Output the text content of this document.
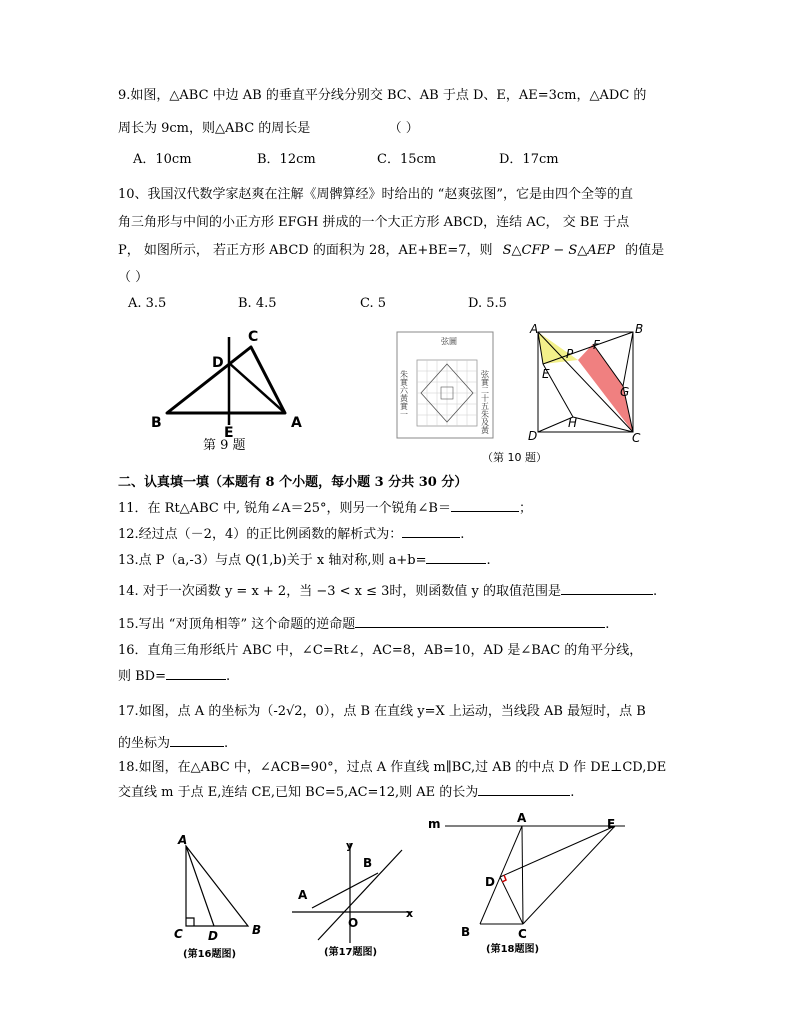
9.如图，△ABC 中边 AB 的垂直平分线分别交 BC、AB 于点 D、E，AE=3cm，△ADC 的
周长为 9cm，则△ABC 的周长是	（ ）
A．10cm	B．12cm	C．15cm	D．17cm
10、我国汉代数学家赵爽在注解《周髀算经》时给出的 “赵爽弦图”，它是由四个全等的直
角三角形与中间的小正方形 EFGH 拼成的一个大正方形 ABCD，连结 AC， 交 BE 于点
P， 如图所示， 若正方形 ABCD 的面积为 28，AE+BE=7，则 S△CFP − S△AEP 的值是
（ ）
A. 3.5	B. 4.5	C. 5	D. 5.5
C
D
B
E
A
第 9 题
弦圖
朱實六黃實一	弦實二十五朱及黃
A	B
P
F
E
G
D
H
C
（第 10 题）
二、认真填一填（本题有 8 个小题，每小题 3 分共 30 分）
11．在 Rt△ABC 中, 锐角∠A＝25°，则另一个锐角∠B＝	；
12.经过点（－2，4）的正比例函数的解析式为：	.
13.点 P（a,-3）与点 Q(1,b)关于 x 轴对称,则 a+b=	.
14. 对于一次函数 y = x + 2，当 −3 < x ≤ 3时，则函数值 y 的取值范围是	.
15.写出 “对顶角相等” 这个命题的逆命题	.
16．直角三角形纸片 ABC 中，∠C=Rt∠，AC=8，AB=10，AD 是∠BAC 的角平分线，
则 BD=	.
17.如图，点 A 的坐标为（-2√2，0），点 B 在直线 y=X 上运动，当线段 AB 最短时，点 B
的坐标为	.
18.如图，在△ABC 中，∠ACB=90°，过点 A 作直线 m∥BC,过 AB 的中点 D 作 DE⊥CD,DE
交直线 m 于点 E,连结 CE,已知 BC=5,AC=12,则 AE 的长为	.
A
C D	B
(第16题图)
y
B
A
O
x
(第17题图)
m	A	E
D
B	C
(第18题图)
